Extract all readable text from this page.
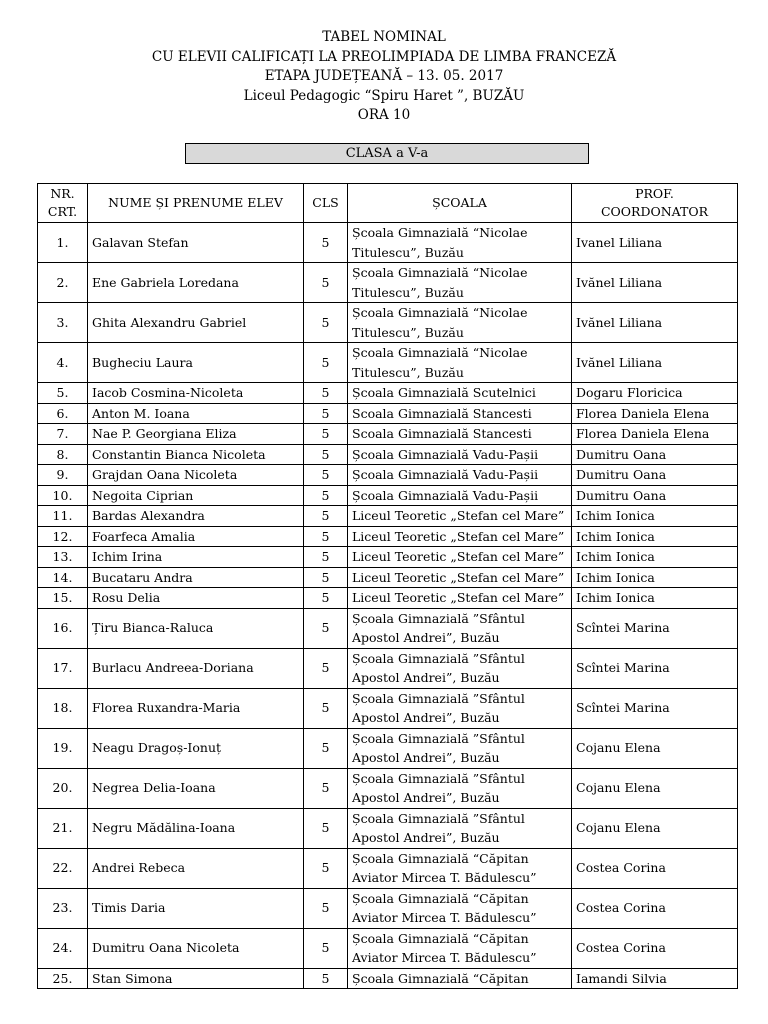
TABEL NOMINAL
CU ELEVII CALIFICAȚI LA PREOLIMPIADA DE LIMBA FRANCEZĂ
ETAPA JUDEȚEANĂ – 13. 05. 2017
Liceul Pedagogic “Spiru Haret ”, BUZĂU
ORA 10
CLASA a V-a
NR.
CRT.	NUME ȘI PRENUME ELEV	CLS	ȘCOALA	PROF.
COORDONATOR
1.	Galavan Stefan	5	Școala Gimnazială “Nicolae
Titulescu”, Buzău	Ivanel Liliana
2.	Ene Gabriela Loredana	5	Școala Gimnazială “Nicolae
Titulescu”, Buzău	Ivănel Liliana
3.	Ghita Alexandru Gabriel	5	Școala Gimnazială “Nicolae
Titulescu”, Buzău	Ivănel Liliana
4.	Bugheciu Laura	5	Școala Gimnazială “Nicolae
Titulescu”, Buzău	Ivănel Liliana
5.	Iacob Cosmina-Nicoleta	5	Școala Gimnazială Scutelnici	Dogaru Floricica
6.	Anton M. Ioana	5	Scoala Gimnazială Stancesti	Florea Daniela Elena
7.	Nae P. Georgiana Eliza	5	Scoala Gimnazială Stancesti	Florea Daniela Elena
8.	Constantin Bianca Nicoleta	5	Școala Gimnazială Vadu-Pașii	Dumitru Oana
9.	Grajdan Oana Nicoleta	5	Școala Gimnazială Vadu-Pașii	Dumitru Oana
10.	Negoita Ciprian	5	Școala Gimnazială Vadu-Pașii	Dumitru Oana
11.	Bardas Alexandra	5	Liceul Teoretic „Stefan cel Mare”	Ichim Ionica
12.	Foarfeca Amalia	5	Liceul Teoretic „Stefan cel Mare”	Ichim Ionica
13.	Ichim Irina	5	Liceul Teoretic „Stefan cel Mare”	Ichim Ionica
14.	Bucataru Andra	5	Liceul Teoretic „Stefan cel Mare”	Ichim Ionica
15.	Rosu Delia	5	Liceul Teoretic „Stefan cel Mare”	Ichim Ionica
16.	Țiru Bianca-Raluca	5	Școala Gimnazială ”Sfântul
Apostol Andrei”, Buzău	Scîntei Marina
17.	Burlacu Andreea-Doriana	5	Școala Gimnazială ”Sfântul
Apostol Andrei”, Buzău	Scîntei Marina
18.	Florea Ruxandra-Maria	5	Școala Gimnazială ”Sfântul
Apostol Andrei”, Buzău	Scîntei Marina
19.	Neagu Dragoș-Ionuț	5	Școala Gimnazială ”Sfântul
Apostol Andrei”, Buzău	Cojanu Elena
20.	Negrea Delia-Ioana	5	Școala Gimnazială ”Sfântul
Apostol Andrei”, Buzău	Cojanu Elena
21.	Negru Mădălina-Ioana	5	Școala Gimnazială ”Sfântul
Apostol Andrei”, Buzău	Cojanu Elena
22.	Andrei Rebeca	5	Școala Gimnazială “Căpitan
Aviator Mircea T. Bădulescu”	Costea Corina
23.	Timis Daria	5	Școala Gimnazială “Căpitan
Aviator Mircea T. Bădulescu”	Costea Corina
24.	Dumitru Oana Nicoleta	5	Școala Gimnazială “Căpitan
Aviator Mircea T. Bădulescu”	Costea Corina
25.	Stan Simona	5	Școala Gimnazială “Căpitan	Iamandi Silvia
